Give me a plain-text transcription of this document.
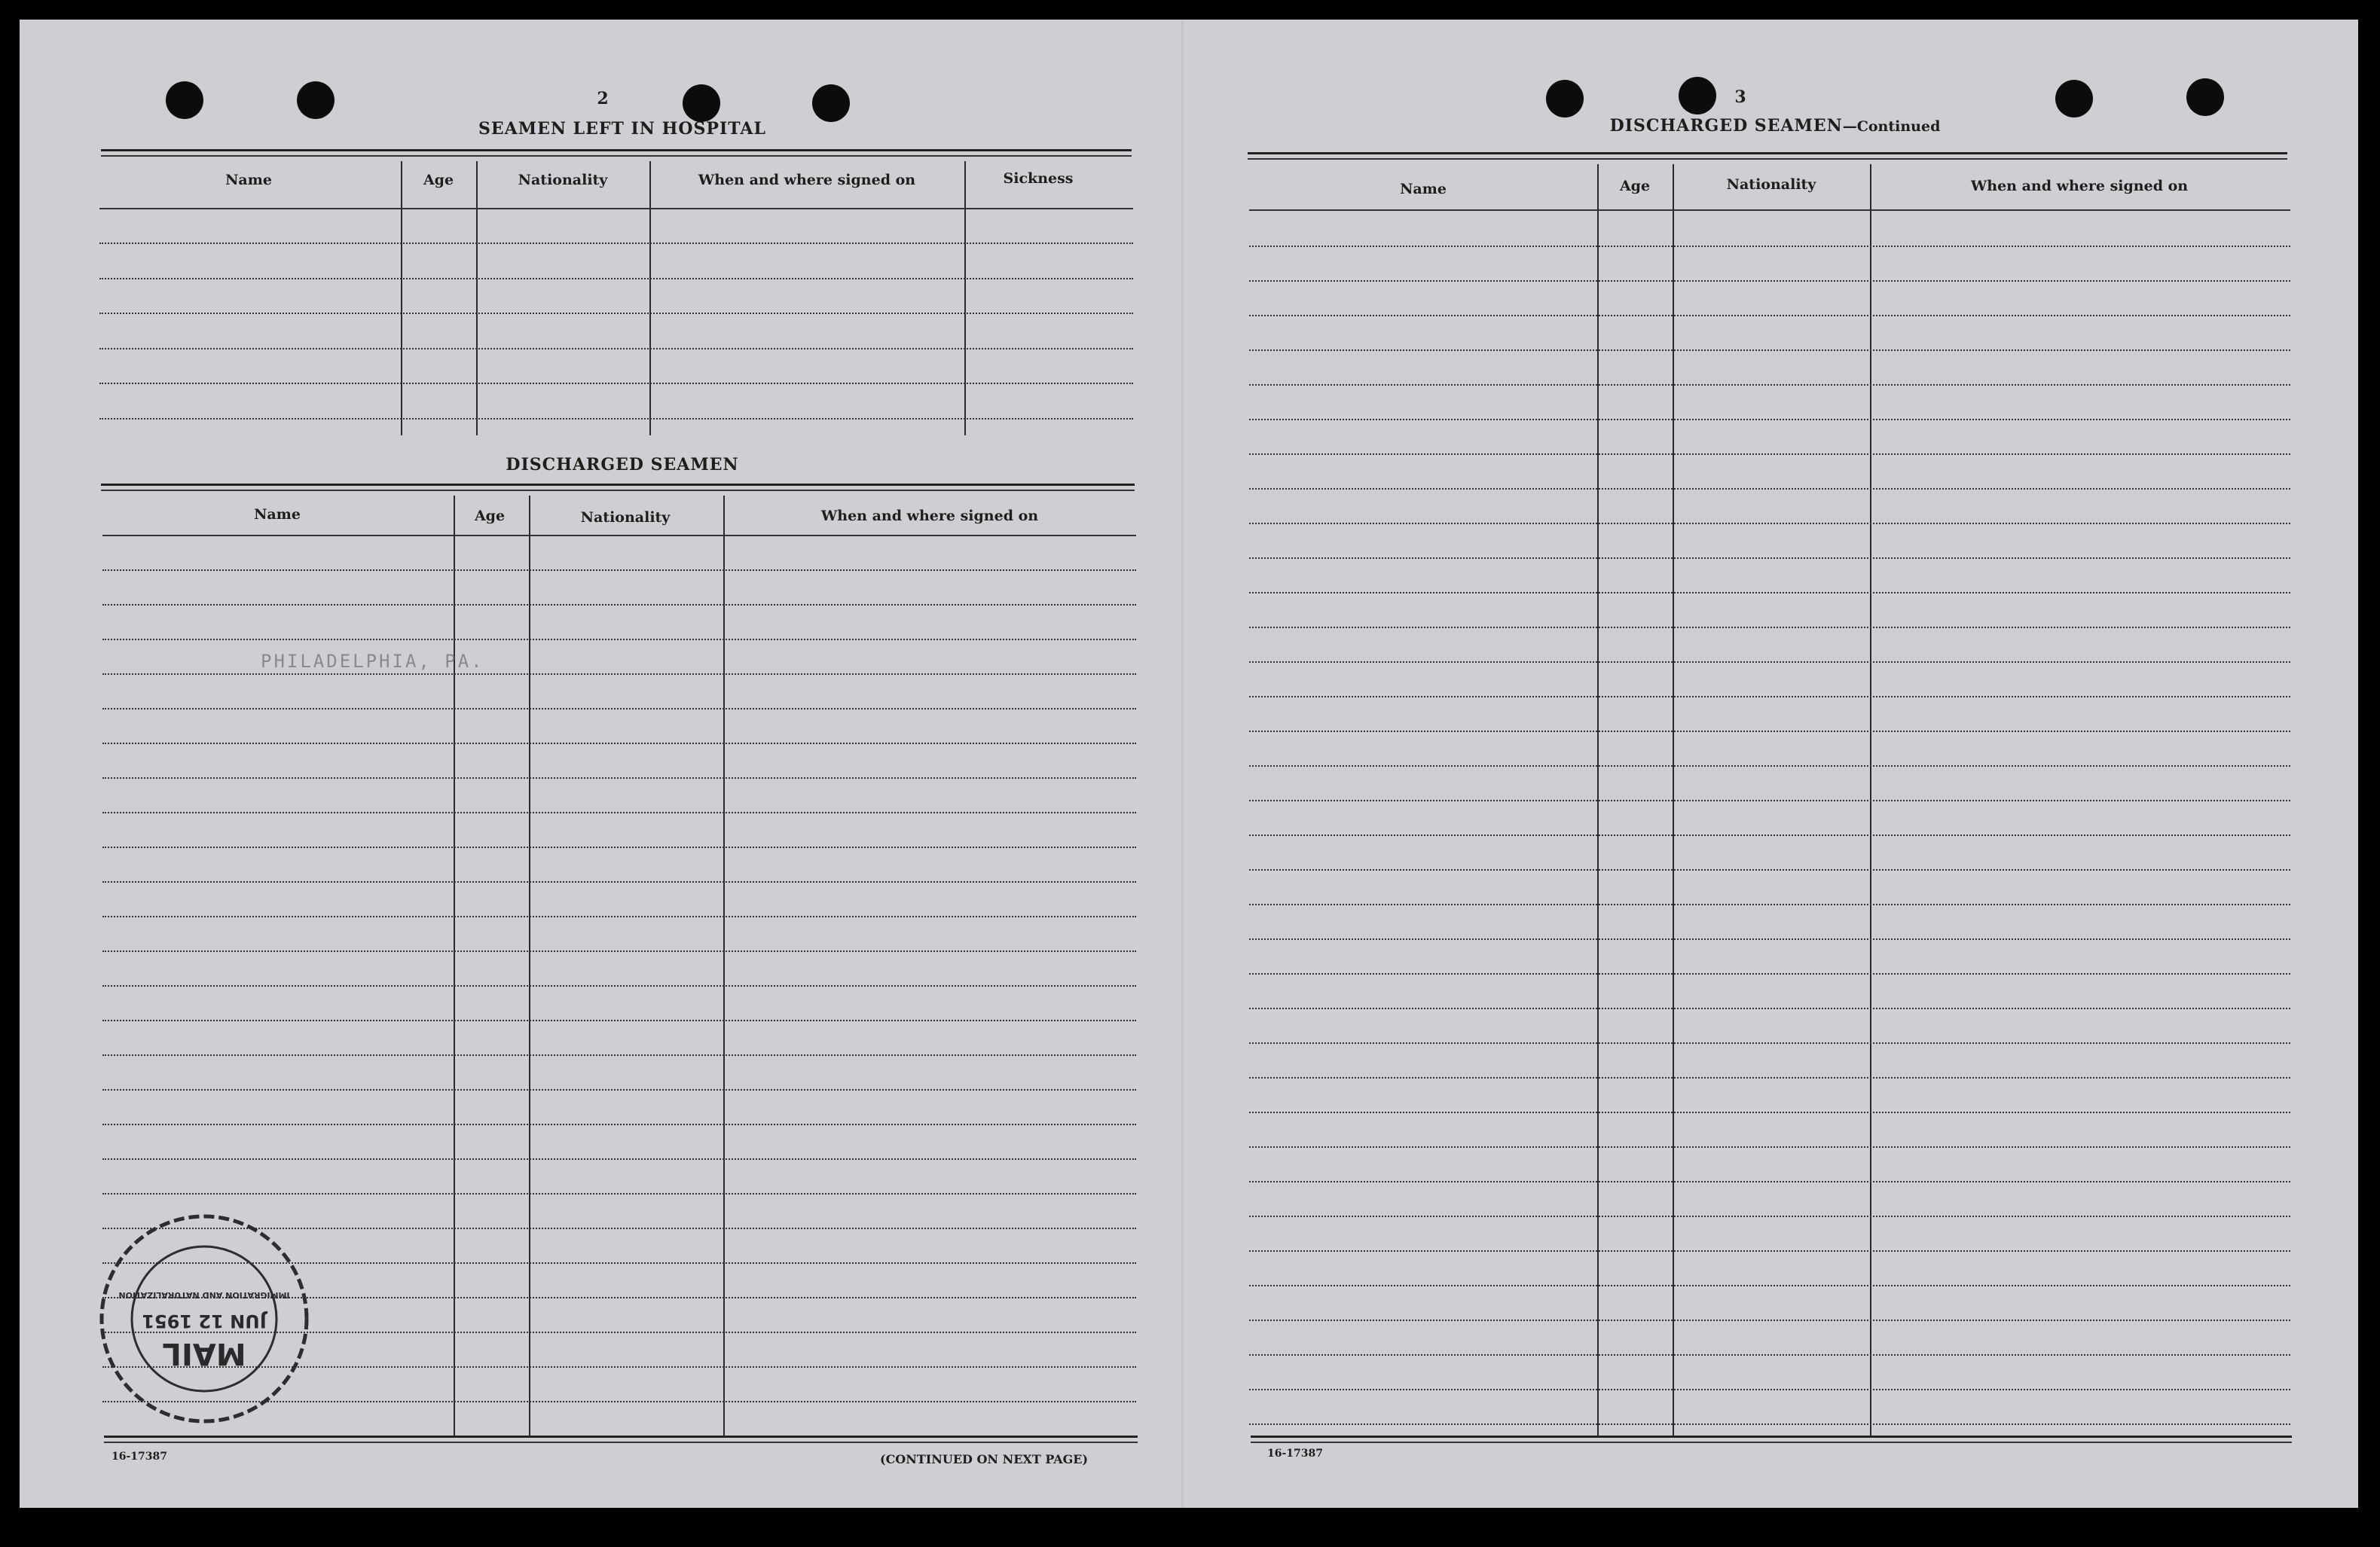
2
SEAMEN LEFT IN HOSPITAL
Name	Age	Nationality	When and where signed on	Sickness
DISCHARGED SEAMEN
Name	Age	Nationality	When and where signed on
PHILADELPHIA, PA.
16-17387	(CONTINUED ON NEXT PAGE)
3
DISCHARGED SEAMEN—Continued
Name	Age	Nationality	When and where signed on
16-17387
MAIL
JUN 12 1951
IMMIGRATION AND NATURALIZATION
